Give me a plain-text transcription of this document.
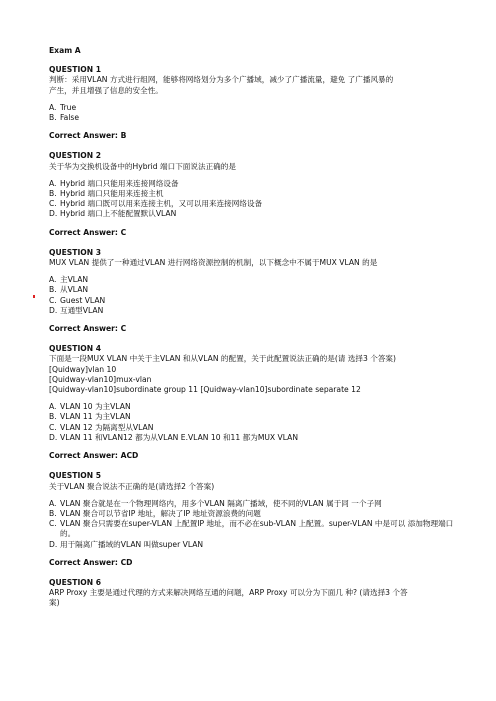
Exam A
QUESTION 1
判断：采用VLAN 方式进行组网，能够将网络划分为多个广播域，减少了广播流量，避免 了广播风暴的
产生，并且增强了信息的安全性。
A. True
B. False
Correct Answer: B
QUESTION 2
关于华为交换机设备中的Hybrid 端口下面说法正确的是
A. Hybrid 端口只能用来连接网络设备
B. Hybrid 端口只能用来连接主机
C. Hybrid 端口既可以用来连接主机，又可以用来连接网络设备
D. Hybrid 端口上不能配置默认VLAN
Correct Answer: C
QUESTION 3
MUX VLAN 提供了一种通过VLAN 进行网络资源控制的机制，以下概念中不属于MUX VLAN 的是
A. 主VLAN
B. 从VLAN
C. Guest VLAN
D. 互通型VLAN
Correct Answer: C
QUESTION 4
下面是一段MUX VLAN 中关于主VLAN 和从VLAN 的配置，关于此配置说法正确的是(请 选择3 个答案)
[Quidway]vlan 10
[Quidway-vlan10]mux-vlan
[Quidway-vlan10]subordinate group 11 [Quidway-vlan10]subordinate separate 12
A. VLAN 10 为主VLAN
B. VLAN 11 为主VLAN
C. VLAN 12 为隔离型从VLAN
D. VLAN 11 和VLAN12 都为从VLAN E.VLAN 10 和11 都为MUX VLAN
Correct Answer: ACD
QUESTION 5
关于VLAN 聚合说法不正确的是(请选择2 个答案)
A. VLAN 聚合就是在一个物理网络内，用多个VLAN 隔离广播域，使不同的VLAN 属于同 一个子网
B. VLAN 聚合可以节省IP 地址，解决了IP 地址资源浪费的问题
C. VLAN 聚合只需要在super-VLAN 上配置IP 地址，而不必在sub-VLAN 上配置。super-VLAN 中是可以 添加物理端口的。
D. 用于隔离广播域的VLAN 叫做super VLAN
Correct Answer: CD
QUESTION 6
ARP Proxy 主要是通过代理的方式来解决网络互通的问题，ARP Proxy 可以分为下面几 种? (请选择3 个答
案)
